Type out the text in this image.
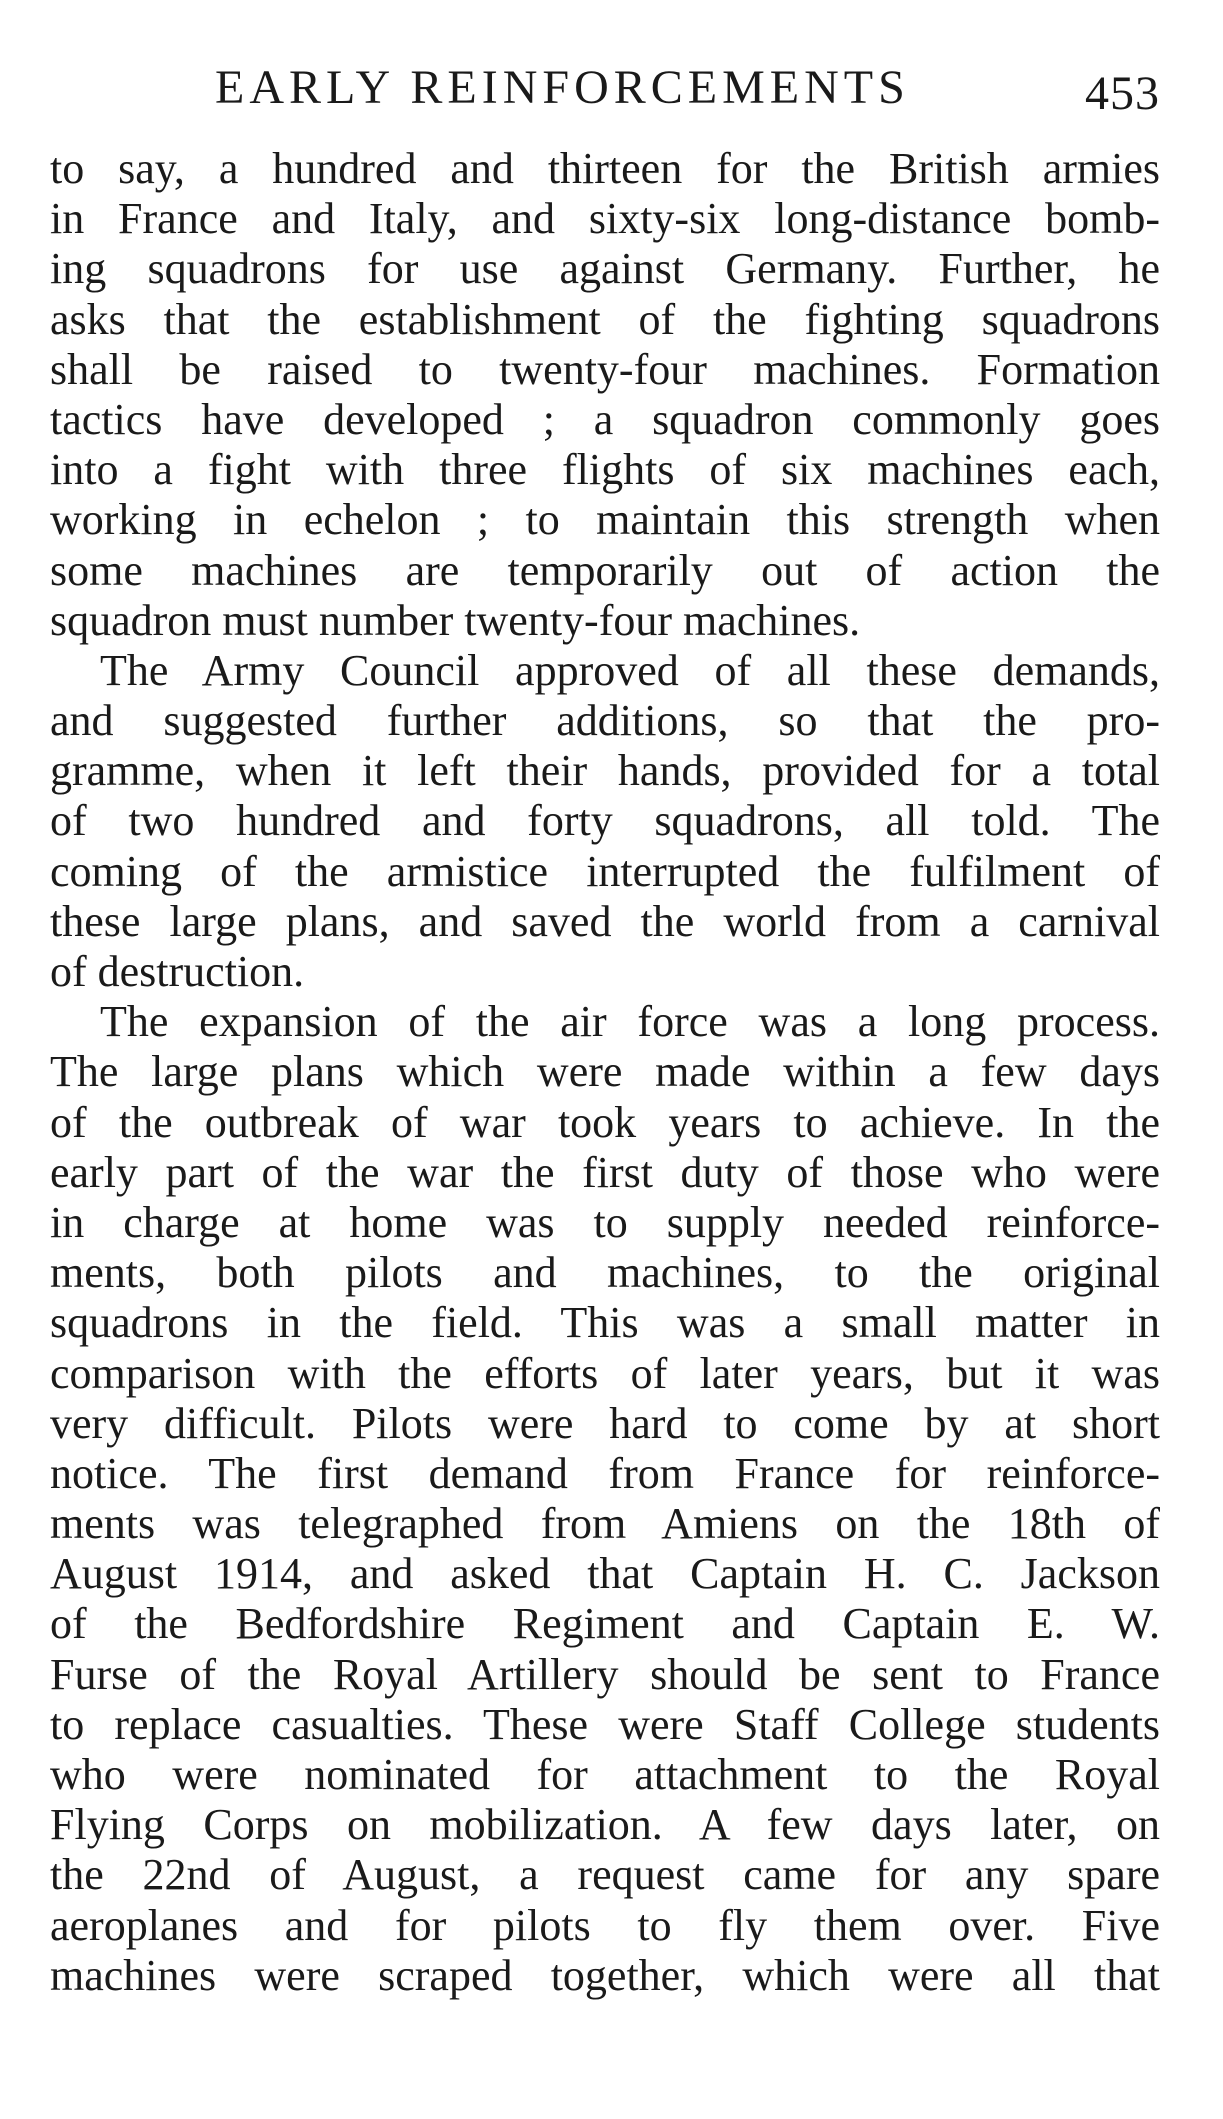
EARLY REINFORCEMENTS	453
to say, a hundred and thirteen for the British armies
in France and Italy, and sixty-six long-distance bomb-
ing squadrons for use against Germany. Further, he
asks that the establishment of the fighting squadrons
shall be raised to twenty-four machines. Formation
tactics have developed ; a squadron commonly goes
into a fight with three flights of six machines each,
working in echelon ; to maintain this strength when
some machines are temporarily out of action the
squadron must number twenty-four machines.
The Army Council approved of all these demands,
and suggested further additions, so that the pro-
gramme, when it left their hands, provided for a total
of two hundred and forty squadrons, all told. The
coming of the armistice interrupted the fulfilment of
these large plans, and saved the world from a carnival
of destruction.
The expansion of the air force was a long process.
The large plans which were made within a few days
of the outbreak of war took years to achieve. In the
early part of the war the first duty of those who were
in charge at home was to supply needed reinforce-
ments, both pilots and machines, to the original
squadrons in the field. This was a small matter in
comparison with the efforts of later years, but it was
very difficult. Pilots were hard to come by at short
notice. The first demand from France for reinforce-
ments was telegraphed from Amiens on the 18th of
August 1914, and asked that Captain H. C. Jackson
of the Bedfordshire Regiment and Captain E. W.
Furse of the Royal Artillery should be sent to France
to replace casualties. These were Staff College students
who were nominated for attachment to the Royal
Flying Corps on mobilization. A few days later, on
the 22nd of August, a request came for any spare
aeroplanes and for pilots to fly them over. Five
machines were scraped together, which were all that
